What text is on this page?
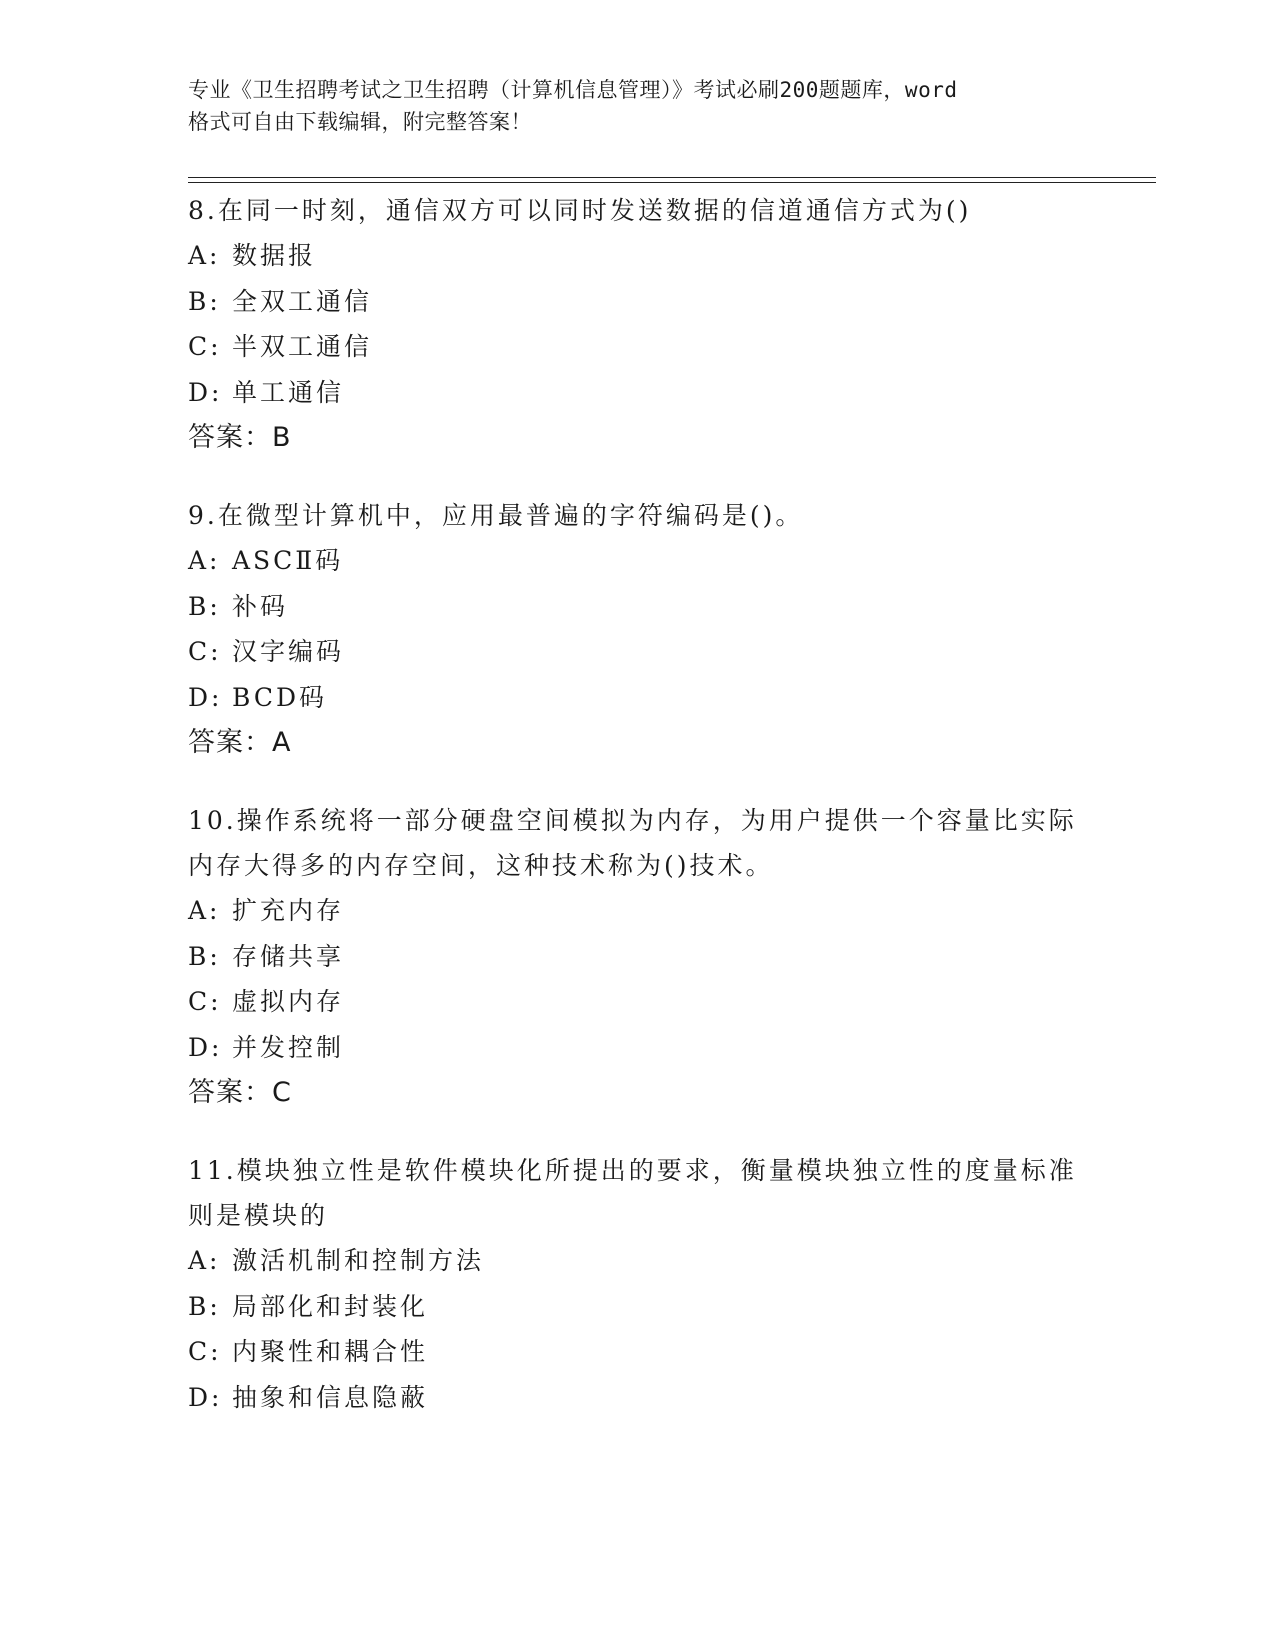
专业《卫生招聘考试之卫生招聘（计算机信息管理）》考试必刷200题题库，word
格式可自由下载编辑，附完整答案！
8.在同一时刻，通信双方可以同时发送数据的信道通信方式为()
A: 数据报
B: 全双工通信
C: 半双工通信
D: 单工通信
答案：B
9.在微型计算机中，应用最普遍的字符编码是()。
A: ASCⅡ码
B: 补码
C: 汉字编码
D: BCD码
答案：A
10.操作系统将一部分硬盘空间模拟为内存，为用户提供一个容量比实际内存大得多的内存空间，这种技术称为()技术。
A: 扩充内存
B: 存储共享
C: 虚拟内存
D: 并发控制
答案：C
11.模块独立性是软件模块化所提出的要求，衡量模块独立性的度量标准则是模块的
A: 激活机制和控制方法
B: 局部化和封装化
C: 内聚性和耦合性
D: 抽象和信息隐蔽
